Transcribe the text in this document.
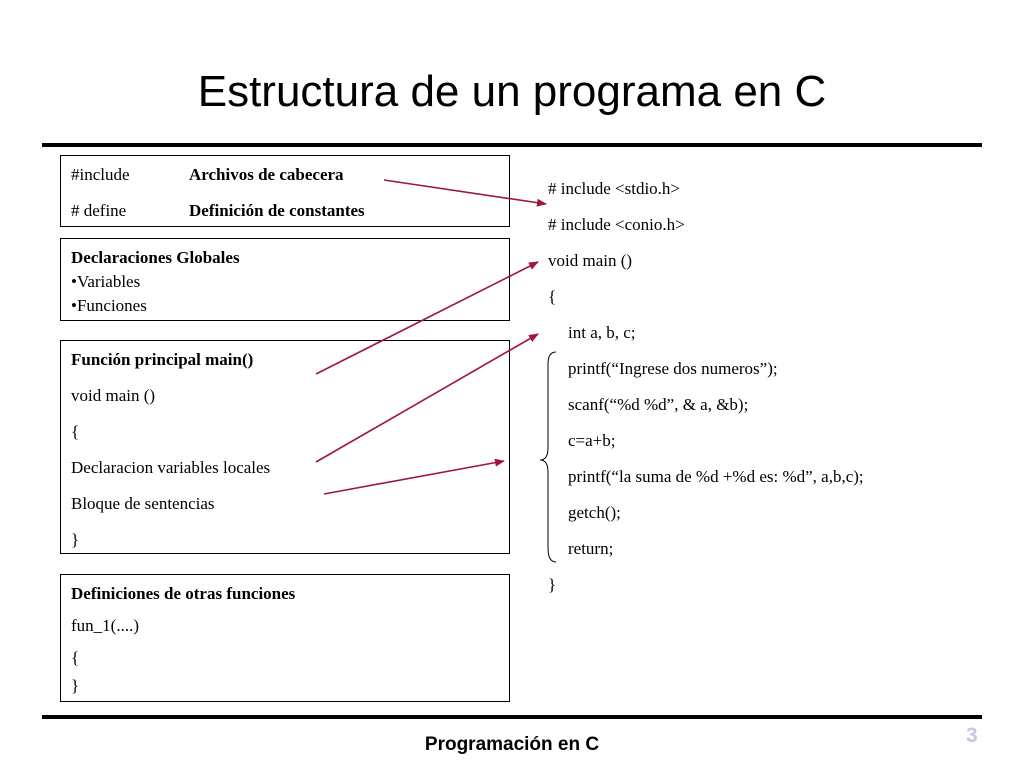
Estructura de un programa en C
#include	Archivos de cabecera
# define	Definición de constantes
Declaraciones Globales
•Variables
•Funciones
Función principal main()
void main ()
{
Declaracion variables locales
Bloque de sentencias
}
Definiciones de otras funciones
fun_1(....)
{
}
# include <stdio.h>
# include <conio.h>
void main ()
{
int a, b, c;
printf(“Ingrese dos numeros”);
scanf(“%d %d”, & a, &b);
c=a+b;
printf(“la suma de %d +%d es: %d”, a,b,c);
getch();
return;
}
Programación en C	3
